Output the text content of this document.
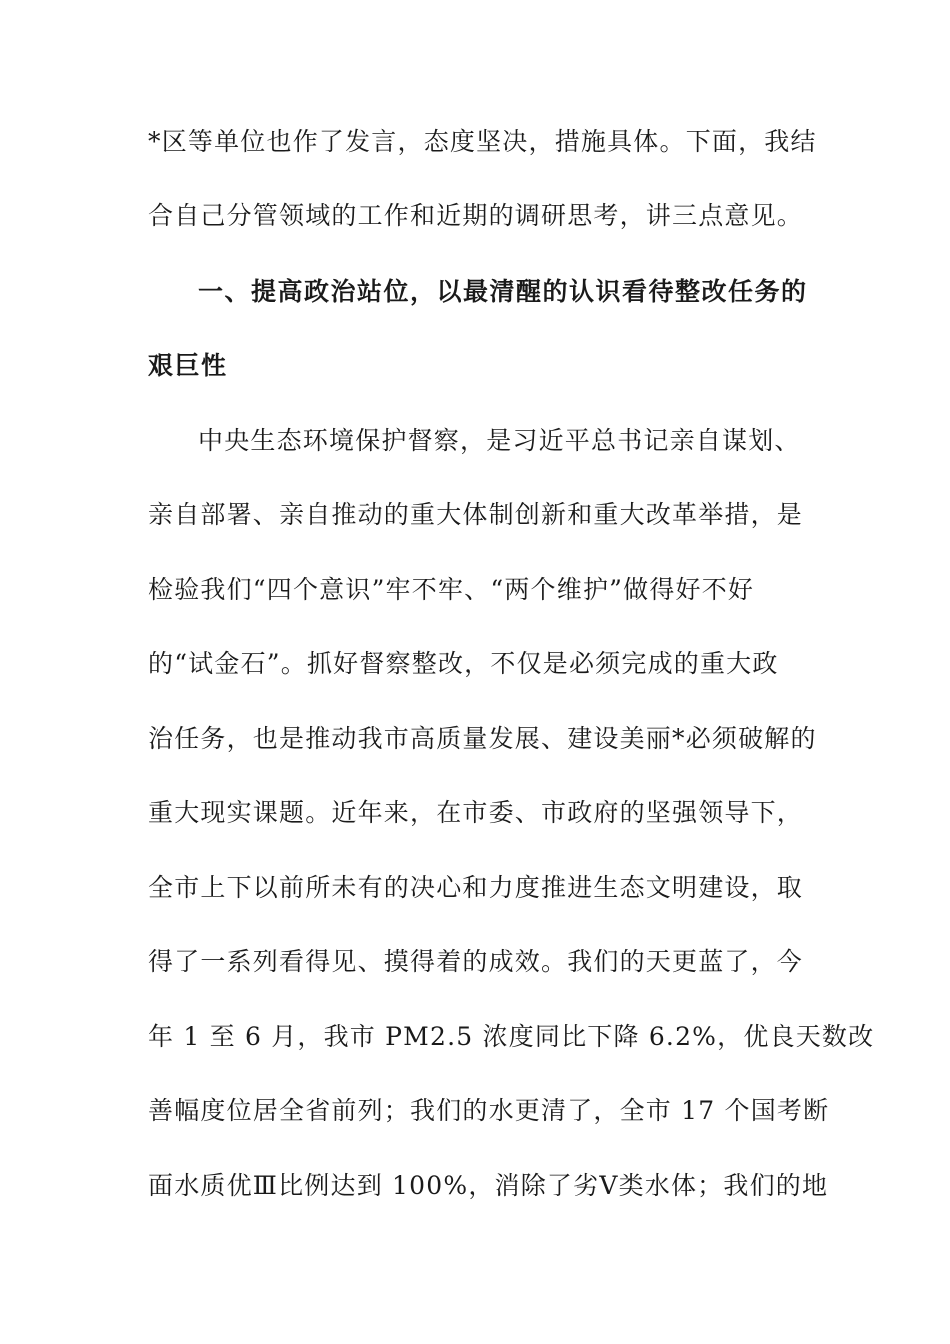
*区等单位也作了发言，态度坚决，措施具体。下面，我结
合自己分管领域的工作和近期的调研思考，讲三点意见。
一、提高政治站位，以最清醒的认识看待整改任务的
艰巨性
中央生态环境保护督察，是习近平总书记亲自谋划、
亲自部署、亲自推动的重大体制创新和重大改革举措，是
检验我们“四个意识”牢不牢、“两个维护”做得好不好
的“试金石”。抓好督察整改，不仅是必须完成的重大政
治任务，也是推动我市高质量发展、建设美丽*必须破解的
重大现实课题。近年来，在市委、市政府的坚强领导下，
全市上下以前所未有的决心和力度推进生态文明建设，取
得了一系列看得见、摸得着的成效。我们的天更蓝了，今
年 1 至 6 月，我市 PM2.5 浓度同比下降 6.2%，优良天数改
善幅度位居全省前列；我们的水更清了，全市 17 个国考断
面水质优Ⅲ比例达到 100%，消除了劣Ⅴ类水体；我们的地
